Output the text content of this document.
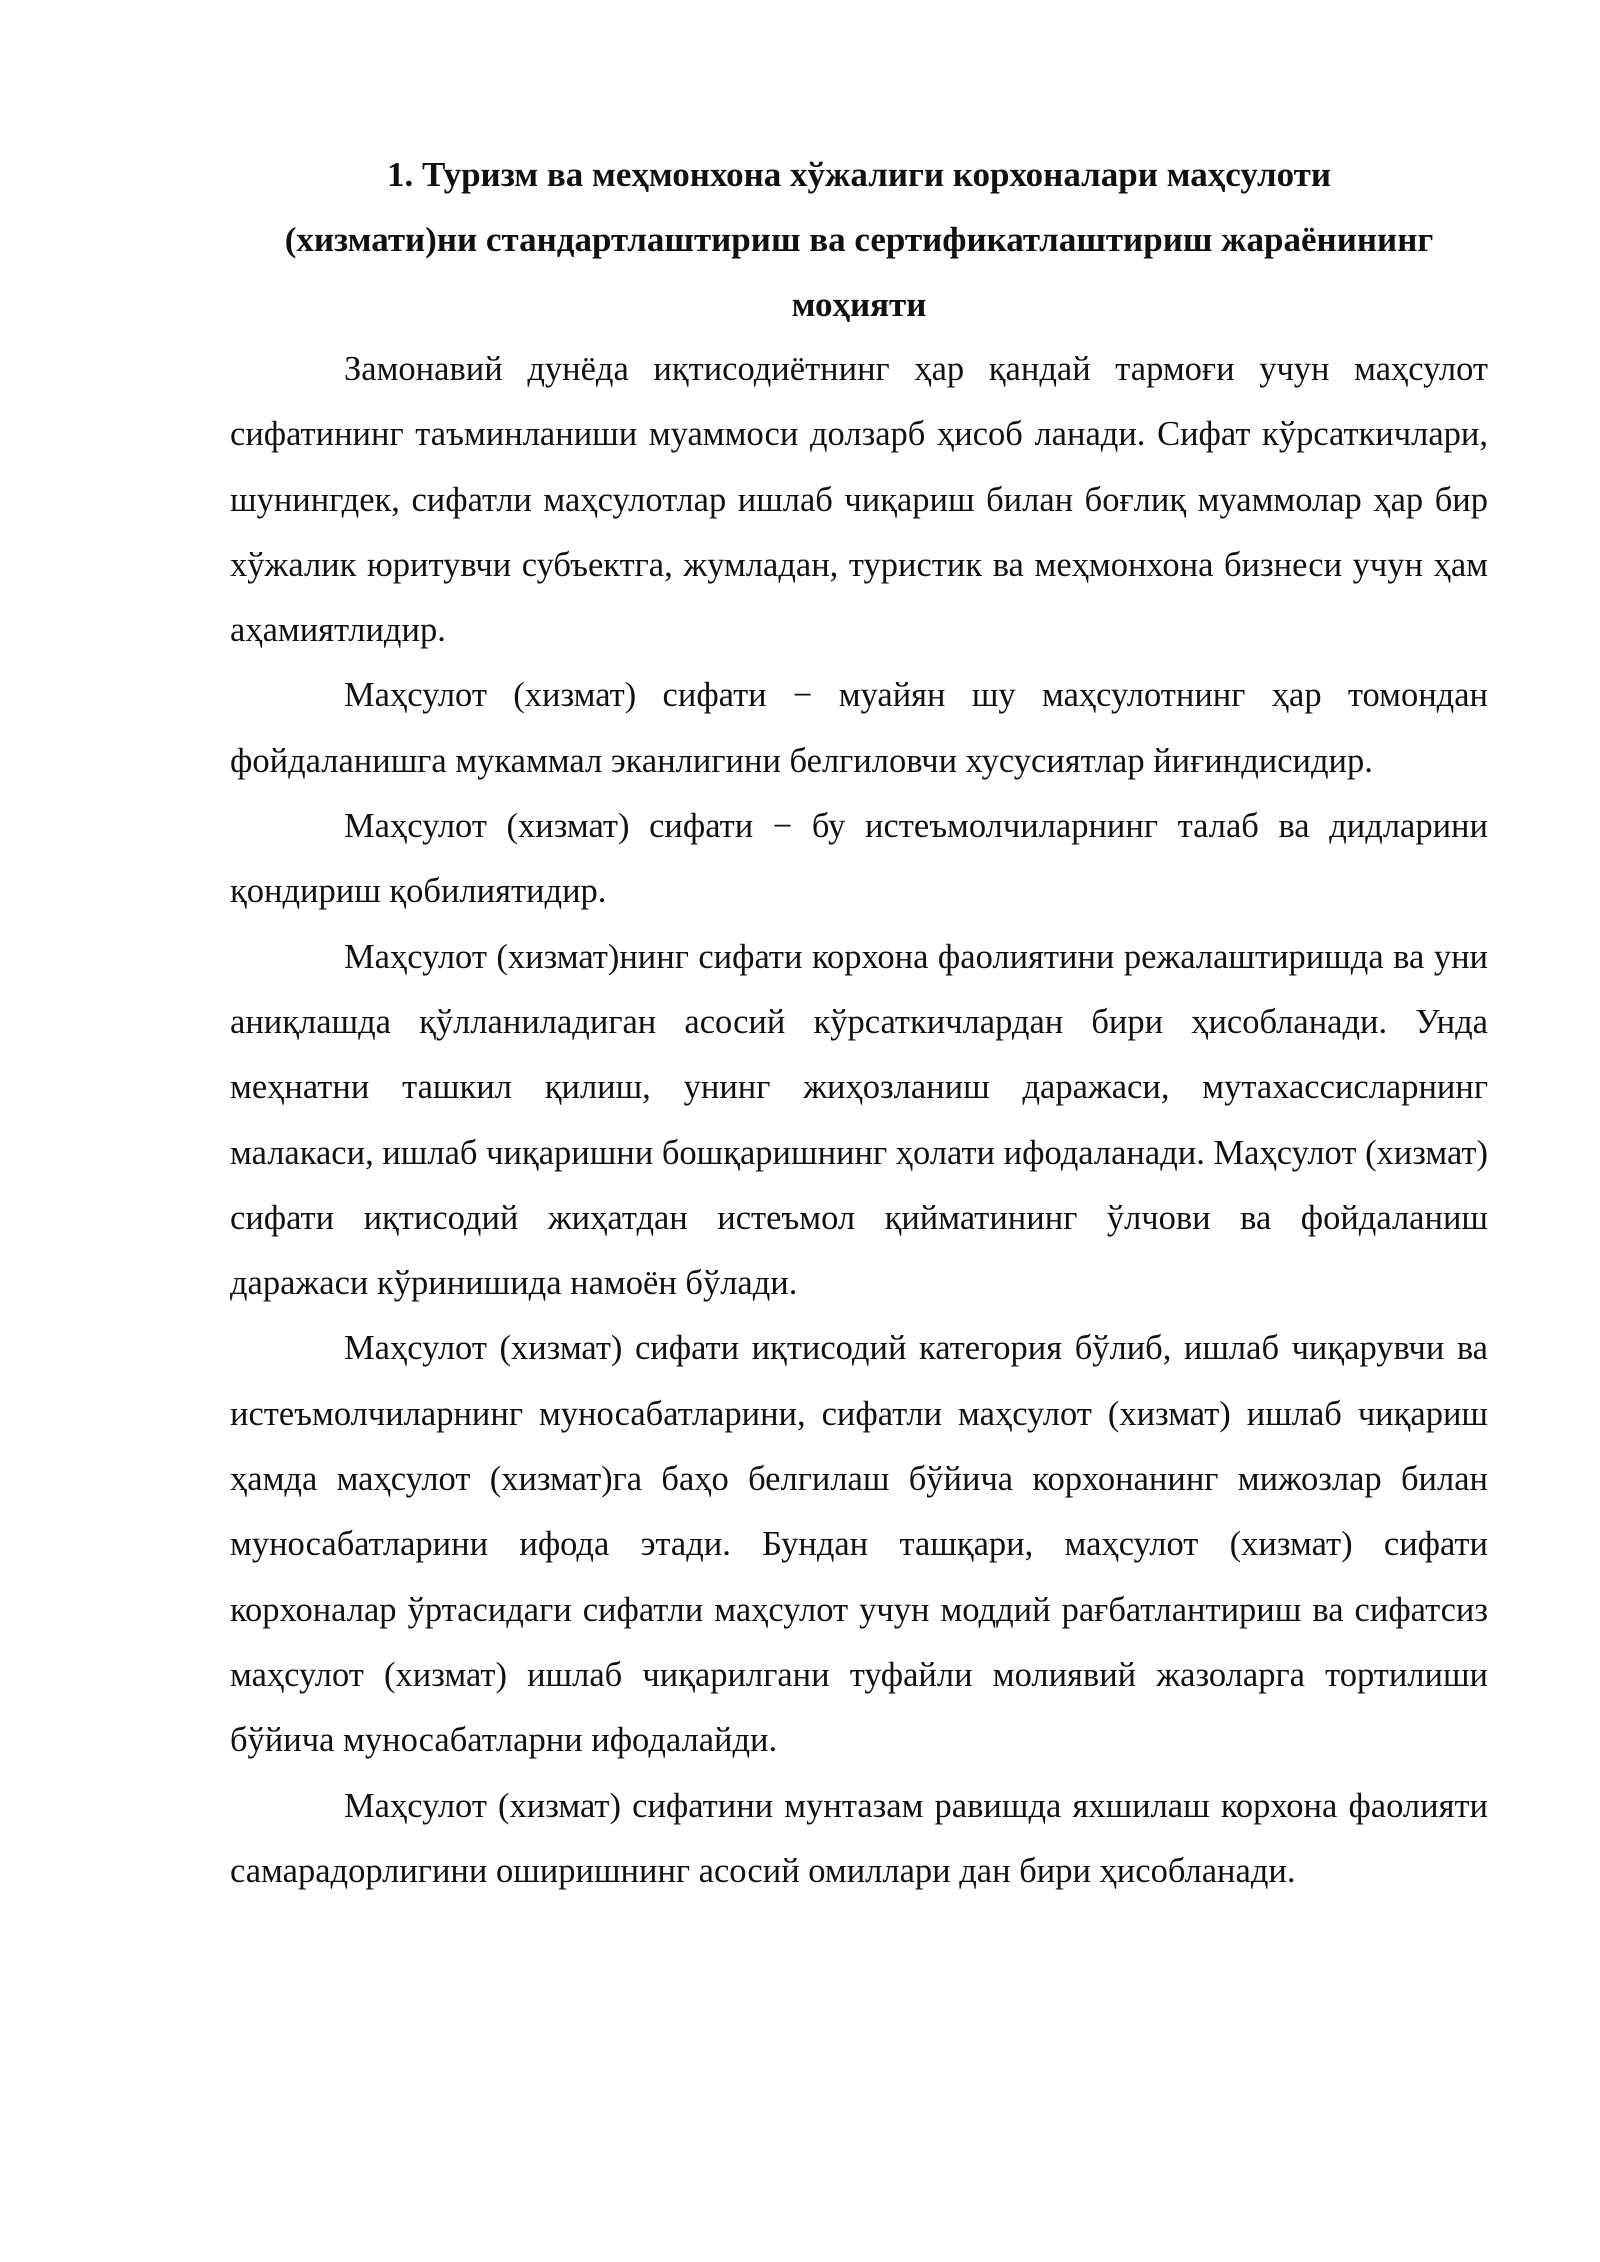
1. Туризм ва меҳмонхона хўжалиги корхоналари маҳсулоти
(хизмати)ни стандартлаштириш ва сертификатлаштириш жараёнининг
моҳияти

Замонавий дунёда иқтисодиётнинг ҳар қандай тармоғи учун маҳсулот сифатининг таъминланиши муаммоси долзарб ҳисоб ланади. Сифат кўрсаткичлари, шунингдек, сифатли маҳсулотлар ишлаб чиқариш билан боғлиқ муаммолар ҳар бир хўжалик юритувчи субъектга, жумладан, туристик ва меҳмонхона бизнеси учун ҳам аҳамиятлидир.

Маҳсулот (хизмат) сифати − муайян шу маҳсулотнинг ҳар томондан фойдаланишга мукаммал эканлигини белгиловчи хусусиятлар йиғиндисидир.

Маҳсулот (хизмат) сифати − бу истеъмолчиларнинг талаб ва дидларини қондириш қобилиятидир.

Маҳсулот (хизмат)нинг сифати корхона фаолиятини режалаштиришда ва уни аниқлашда қўлланиладиган асосий кўрсаткичлардан бири ҳисобланади. Унда меҳнатни ташкил қилиш, унинг жиҳозланиш даражаси, мутахассисларнинг малакаси, ишлаб чиқаришни бошқаришнинг ҳолати ифодаланади. Маҳсулот (хизмат) сифати иқтисодий жиҳатдан истеъмол қийматининг ўлчови ва фойдаланиш даражаси кўринишида намоён бўлади.

Маҳсулот (хизмат) сифати иқтисодий категория бўлиб, ишлаб чиқарувчи ва истеъмолчиларнинг муносабатларини, сифатли маҳсулот (хизмат) ишлаб чиқариш ҳамда маҳсулот (хизмат)га баҳо белгилаш бўйича корхонанинг мижозлар билан муносабатларини ифода этади. Бундан ташқари, маҳсулот (хизмат) сифати корхоналар ўртасидаги сифатли маҳсулот учун моддий рағбатлантириш ва сифатсиз маҳсулот (хизмат) ишлаб чиқарилгани туфайли молиявий жазоларга тортилиши бўйича муносабатларни ифодалайди.

Маҳсулот (хизмат) сифатини мунтазам равишда яхшилаш корхона фаолияти самарадорлигини оширишнинг асосий омиллари дан бири ҳисобланади.
